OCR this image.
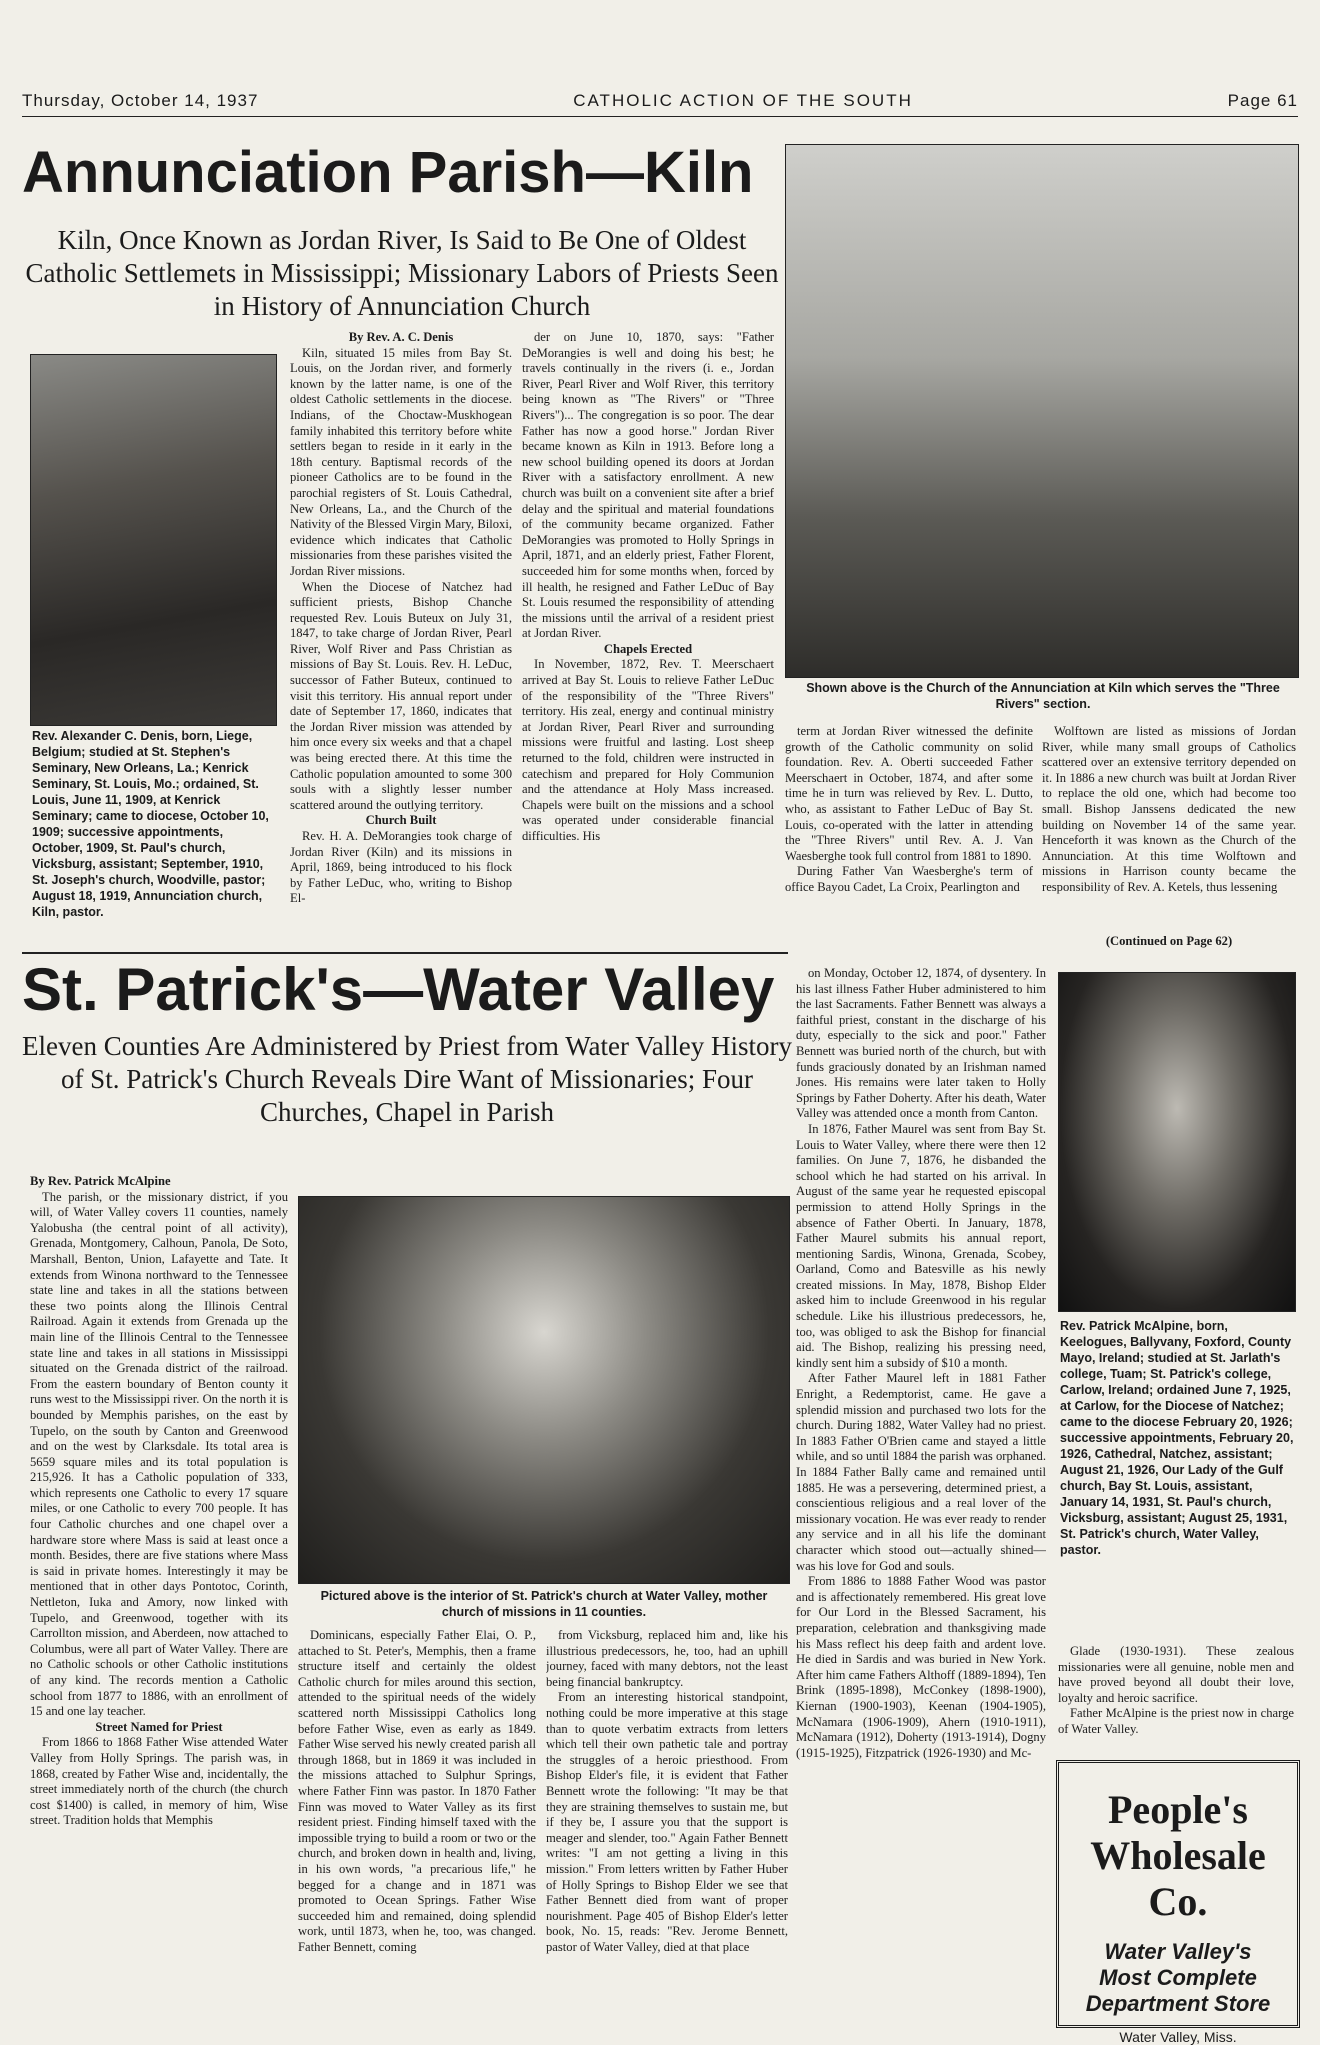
Thursday, October 14, 1937	CATHOLIC ACTION OF THE SOUTH	Page 61
Annunciation Parish—Kiln
Kiln, Once Known as Jordan River, Is Said to Be One of Oldest Catholic Settlemets in Mississippi; Missionary Labors of Priests Seen in History of Annunciation Church
Rev. Alexander C. Denis, born, Liege, Belgium; studied at St. Stephen's Seminary, New Orleans, La.; Kenrick Seminary, St. Louis, Mo.; ordained, St. Louis, June 11, 1909, at Kenrick Seminary; came to diocese, October 10, 1909; successive appointments, October, 1909, St. Paul's church, Vicksburg, assistant; September, 1910, St. Joseph's church, Woodville, pastor; August 18, 1919, Annunciation church, Kiln, pastor.

By Rev. A. C. Denis

Kiln, situated 15 miles from Bay St. Louis, on the Jordan river, and formerly known by the latter name, is one of the oldest Catholic settlements in the diocese. Indians, of the Choctaw-Muskhogean family inhabited this territory before white settlers began to reside in it early in the 18th century. Baptismal records of the pioneer Catholics are to be found in the parochial registers of St. Louis Cathedral, New Orleans, La., and the Church of the Nativity of the Blessed Virgin Mary, Biloxi, evidence which indicates that Catholic missionaries from these parishes visited the Jordan River missions.

When the Diocese of Natchez had sufficient priests, Bishop Chanche requested Rev. Louis Buteux on July 31, 1847, to take charge of Jordan River, Pearl River, Wolf River and Pass Christian as missions of Bay St. Louis. Rev. H. LeDuc, successor of Father Buteux, continued to visit this territory. His annual report under date of September 17, 1860, indicates that the Jordan River mission was attended by him once every six weeks and that a chapel was being erected there. At this time the Catholic population amounted to some 300 souls with a slightly lesser number scattered around the outlying territory.

Church Built

Rev. H. A. DeMorangies took charge of Jordan River (Kiln) and its missions in April, 1869, being introduced to his flock by Father LeDuc, who, writing to Bishop El-

der on June 10, 1870, says: "Father DeMorangies is well and doing his best; he travels continually in the rivers (i. e., Jordan River, Pearl River and Wolf River, this territory being known as "The Rivers" or "Three Rivers")... The congregation is so poor. The dear Father has now a good horse." Jordan River became known as Kiln in 1913. Before long a new school building opened its doors at Jordan River with a satisfactory enrollment. A new church was built on a convenient site after a brief delay and the spiritual and material foundations of the community became organized. Father DeMorangies was promoted to Holly Springs in April, 1871, and an elderly priest, Father Florent, succeeded him for some months when, forced by ill health, he resigned and Father LeDuc of Bay St. Louis resumed the responsibility of attending the missions until the arrival of a resident priest at Jordan River.

Chapels Erected

In November, 1872, Rev. T. Meerschaert arrived at Bay St. Louis to relieve Father LeDuc of the responsibility of the "Three Rivers" territory. His zeal, energy and continual ministry at Jordan River, Pearl River and surrounding missions were fruitful and lasting. Lost sheep returned to the fold, children were instructed in catechism and prepared for Holy Communion and the attendance at Holy Mass increased. Chapels were built on the missions and a school was operated under considerable financial difficulties. His

Shown above is the Church of the Annunciation at Kiln which serves the "Three Rivers" section.

term at Jordan River witnessed the definite growth of the Catholic community on solid foundation. Rev. A. Oberti succeeded Father Meerschaert in October, 1874, and after some time he in turn was relieved by Rev. L. Dutto, who, as assistant to Father LeDuc of Bay St. Louis, co-operated with the latter in attending the "Three Rivers" until Rev. A. J. Van Waesberghe took full control from 1881 to 1890.

During Father Van Waesberghe's term of office Bayou Cadet, La Croix, Pearlington and

Wolftown are listed as missions of Jordan River, while many small groups of Catholics scattered over an extensive territory depended on it. In 1886 a new church was built at Jordan River to replace the old one, which had become too small. Bishop Janssens dedicated the new building on November 14 of the same year. Henceforth it was known as the Church of the Annunciation. At this time Wolftown and missions in Harrison county became the responsibility of Rev. A. Ketels, thus lessening

(Continued on Page 62)
St. Patrick's—Water Valley
Eleven Counties Are Administered by Priest from Water Valley History of St. Patrick's Church Reveals Dire Want of Missionaries; Four Churches, Chapel in Parish

By Rev. Patrick McAlpine

The parish, or the missionary district, if you will, of Water Valley covers 11 counties, namely Yalobusha (the central point of all activity), Grenada, Montgomery, Calhoun, Panola, De Soto, Marshall, Benton, Union, Lafayette and Tate. It extends from Winona northward to the Tennessee state line and takes in all the stations between these two points along the Illinois Central Railroad. Again it extends from Grenada up the main line of the Illinois Central to the Tennessee state line and takes in all stations in Mississippi situated on the Grenada district of the railroad. From the eastern boundary of Benton county it runs west to the Mississippi river. On the north it is bounded by Memphis parishes, on the east by Tupelo, on the south by Canton and Greenwood and on the west by Clarksdale. Its total area is 5659 square miles and its total population is 215,926. It has a Catholic population of 333, which represents one Catholic to every 17 square miles, or one Catholic to every 700 people. It has four Catholic churches and one chapel over a hardware store where Mass is said at least once a month. Besides, there are five stations where Mass is said in private homes. Interestingly it may be mentioned that in other days Pontotoc, Corinth, Nettleton, Iuka and Amory, now linked with Tupelo, and Greenwood, together with its Carrollton mission, and Aberdeen, now attached to Columbus, were all part of Water Valley. There are no Catholic schools or other Catholic institutions of any kind. The records mention a Catholic school from 1877 to 1886, with an enrollment of 15 and one lay teacher.

Street Named for Priest

From 1866 to 1868 Father Wise attended Water Valley from Holly Springs. The parish was, in 1868, created by Father Wise and, incidentally, the street immediately north of the church (the church cost $1400) is called, in memory of him, Wise street. Tradition holds that Memphis

Pictured above is the interior of St. Patrick's church at Water Valley, mother church of missions in 11 counties.

Dominicans, especially Father Elai, O. P., attached to St. Peter's, Memphis, then a frame structure itself and certainly the oldest Catholic church for miles around this section, attended to the spiritual needs of the widely scattered north Mississippi Catholics long before Father Wise, even as early as 1849. Father Wise served his newly created parish all through 1868, but in 1869 it was included in the missions attached to Sulphur Springs, where Father Finn was pastor. In 1870 Father Finn was moved to Water Valley as its first resident priest. Finding himself taxed with the impossible trying to build a room or two or the church, and broken down in health and, living, in his own words, "a precarious life," he begged for a change and in 1871 was promoted to Ocean Springs. Father Wise succeeded him and remained, doing splendid work, until 1873, when he, too, was changed. Father Bennett, coming

from Vicksburg, replaced him and, like his illustrious predecessors, he, too, had an uphill journey, faced with many debtors, not the least being financial bankruptcy.

From an interesting historical standpoint, nothing could be more imperative at this stage than to quote verbatim extracts from letters which tell their own pathetic tale and portray the struggles of a heroic priesthood. From Bishop Elder's file, it is evident that Father Bennett wrote the following: "It may be that they are straining themselves to sustain me, but if they be, I assure you that the support is meager and slender, too." Again Father Bennett writes: "I am not getting a living in this mission." From letters written by Father Huber of Holly Springs to Bishop Elder we see that Father Bennett died from want of proper nourishment. Page 405 of Bishop Elder's letter book, No. 15, reads: "Rev. Jerome Bennett, pastor of Water Valley, died at that place

on Monday, October 12, 1874, of dysentery. In his last illness Father Huber administered to him the last Sacraments. Father Bennett was always a faithful priest, constant in the discharge of his duty, especially to the sick and poor." Father Bennett was buried north of the church, but with funds graciously donated by an Irishman named Jones. His remains were later taken to Holly Springs by Father Doherty. After his death, Water Valley was attended once a month from Canton.

In 1876, Father Maurel was sent from Bay St. Louis to Water Valley, where there were then 12 families. On June 7, 1876, he disbanded the school which he had started on his arrival. In August of the same year he requested episcopal permission to attend Holly Springs in the absence of Father Oberti. In January, 1878, Father Maurel submits his annual report, mentioning Sardis, Winona, Grenada, Scobey, Oarland, Como and Batesville as his newly created missions. In May, 1878, Bishop Elder asked him to include Greenwood in his regular schedule. Like his illustrious predecessors, he, too, was obliged to ask the Bishop for financial aid. The Bishop, realizing his pressing need, kindly sent him a subsidy of $10 a month.

After Father Maurel left in 1881 Father Enright, a Redemptorist, came. He gave a splendid mission and purchased two lots for the church. During 1882, Water Valley had no priest. In 1883 Father O'Brien came and stayed a little while, and so until 1884 the parish was orphaned. In 1884 Father Bally came and remained until 1885. He was a persevering, determined priest, a conscientious religious and a real lover of the missionary vocation. He was ever ready to render any service and in all his life the dominant character which stood out—actually shined—was his love for God and souls.

From 1886 to 1888 Father Wood was pastor and is affectionately remembered. His great love for Our Lord in the Blessed Sacrament, his preparation, celebration and thanksgiving made his Mass reflect his deep faith and ardent love. He died in Sardis and was buried in New York. After him came Fathers Althoff (1889-1894), Ten Brink (1895-1898), McConkey (1898-1900), Kiernan (1900-1903), Keenan (1904-1905), McNamara (1906-1909), Ahern (1910-1911), McNamara (1912), Doherty (1913-1914), Dogny (1915-1925), Fitzpatrick (1926-1930) and Mc-

Rev. Patrick McAlpine, born, Keelogues, Ballyvany, Foxford, County Mayo, Ireland; studied at St. Jarlath's college, Tuam; St. Patrick's college, Carlow, Ireland; ordained June 7, 1925, at Carlow, for the Diocese of Natchez; came to the diocese February 20, 1926; successive appointments, February 20, 1926, Cathedral, Natchez, assistant; August 21, 1926, Our Lady of the Gulf church, Bay St. Louis, assistant, January 14, 1931, St. Paul's church, Vicksburg, assistant; August 25, 1931, St. Patrick's church, Water Valley, pastor.

Glade (1930-1931). These zealous missionaries were all genuine, noble men and have proved beyond all doubt their love, loyalty and heroic sacrifice.

Father McAlpine is the priest now in charge of Water Valley.

People's
Wholesale Co.
Water Valley's
Most Complete
Department Store
Water Valley, Miss.
